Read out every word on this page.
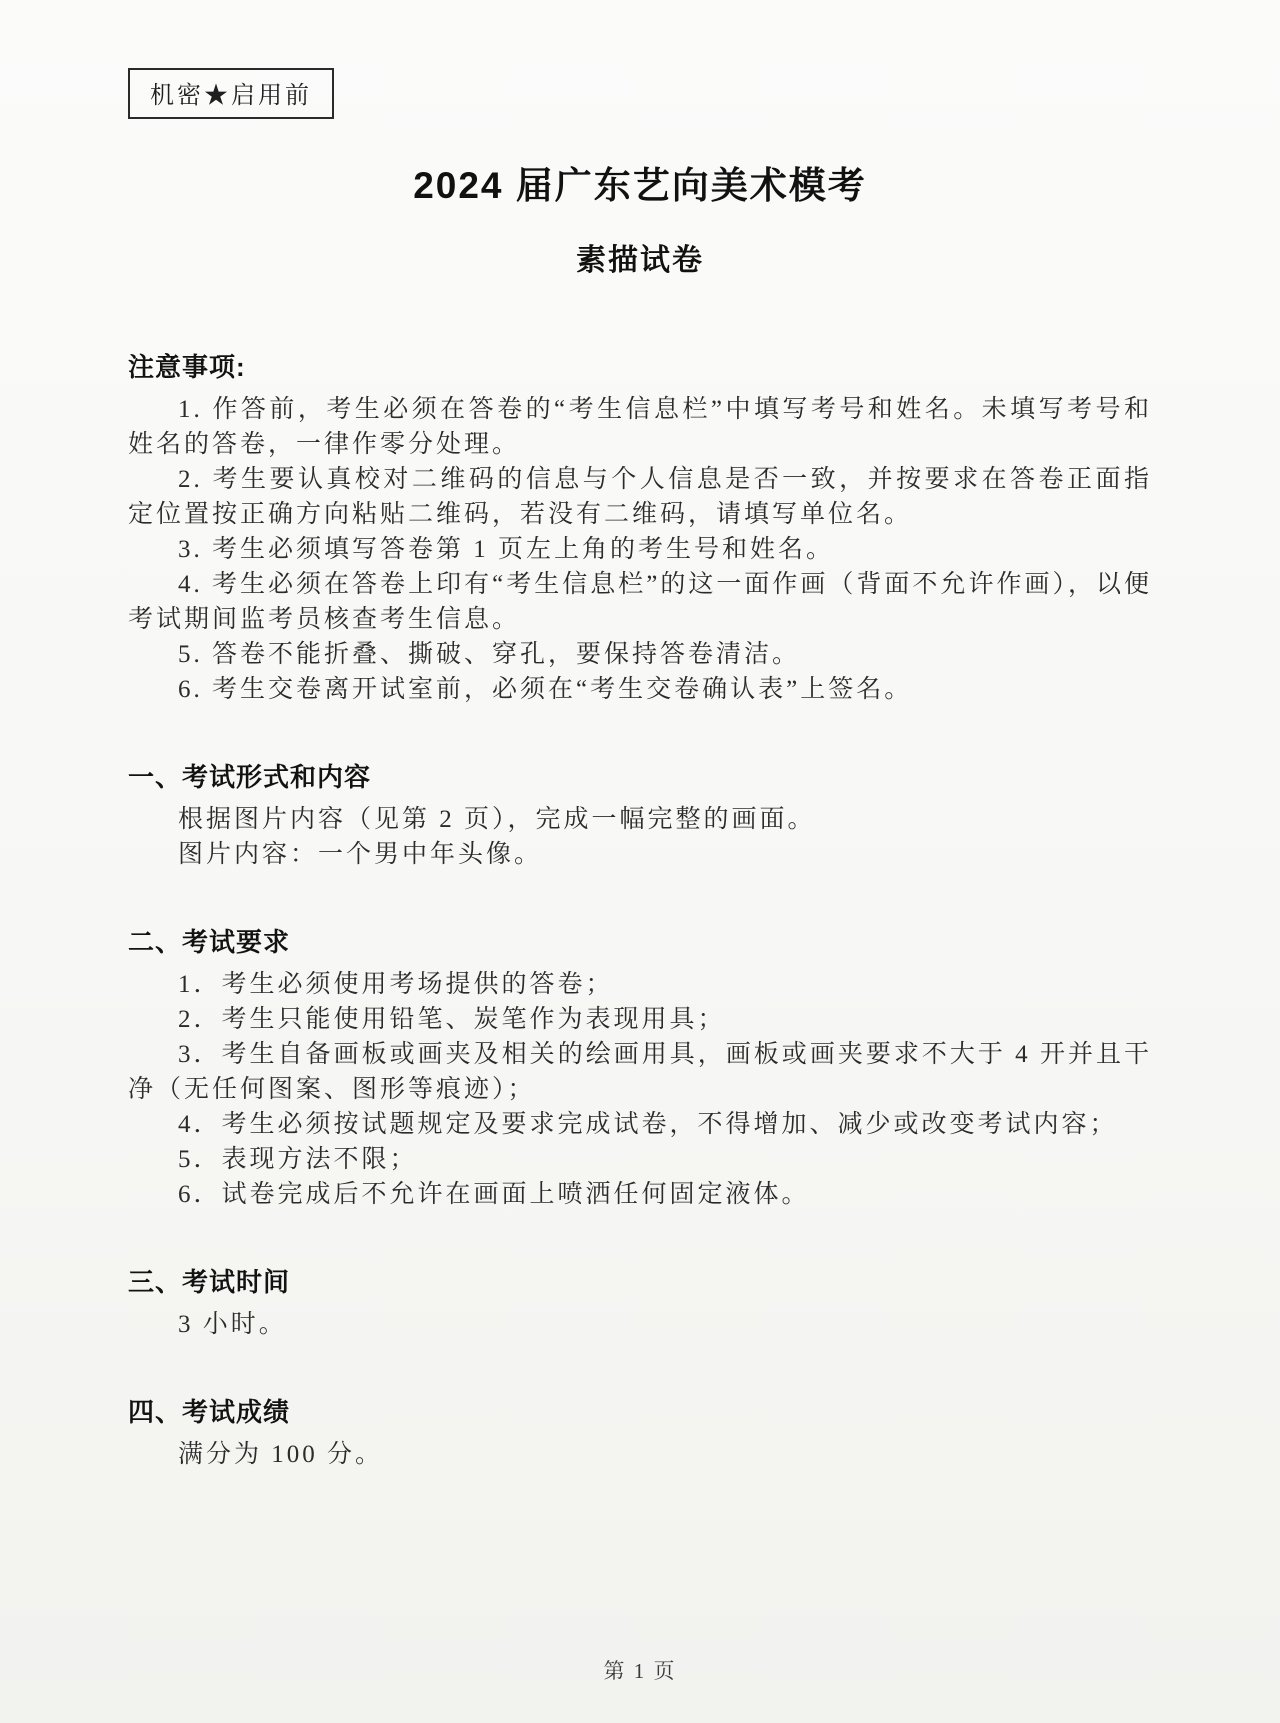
机密★启用前
2024 届广东艺向美术模考
素描试卷
注意事项:

1. 作答前，考生必须在答卷的“考生信息栏”中填写考号和姓名。未填写考号和姓名的答卷，一律作零分处理。

2. 考生要认真校对二维码的信息与个人信息是否一致，并按要求在答卷正面指定位置按正确方向粘贴二维码，若没有二维码，请填写单位名。

3. 考生必须填写答卷第 1 页左上角的考生号和姓名。

4. 考生必须在答卷上印有“考生信息栏”的这一面作画（背面不允许作画），以便考试期间监考员核查考生信息。

5. 答卷不能折叠、撕破、穿孔，要保持答卷清洁。

6. 考生交卷离开试室前，必须在“考生交卷确认表”上签名。

一、考试形式和内容

根据图片内容（见第 2 页），完成一幅完整的画面。

图片内容：一个男中年头像。

二、考试要求

1．考生必须使用考场提供的答卷；

2．考生只能使用铅笔、炭笔作为表现用具；

3．考生自备画板或画夹及相关的绘画用具，画板或画夹要求不大于 4 开并且干净（无任何图案、图形等痕迹）；

4．考生必须按试题规定及要求完成试卷，不得增加、减少或改变考试内容；

5．表现方法不限；

6．试卷完成后不允许在画面上喷洒任何固定液体。

三、考试时间

3 小时。

四、考试成绩

满分为 100 分。

第 1 页
